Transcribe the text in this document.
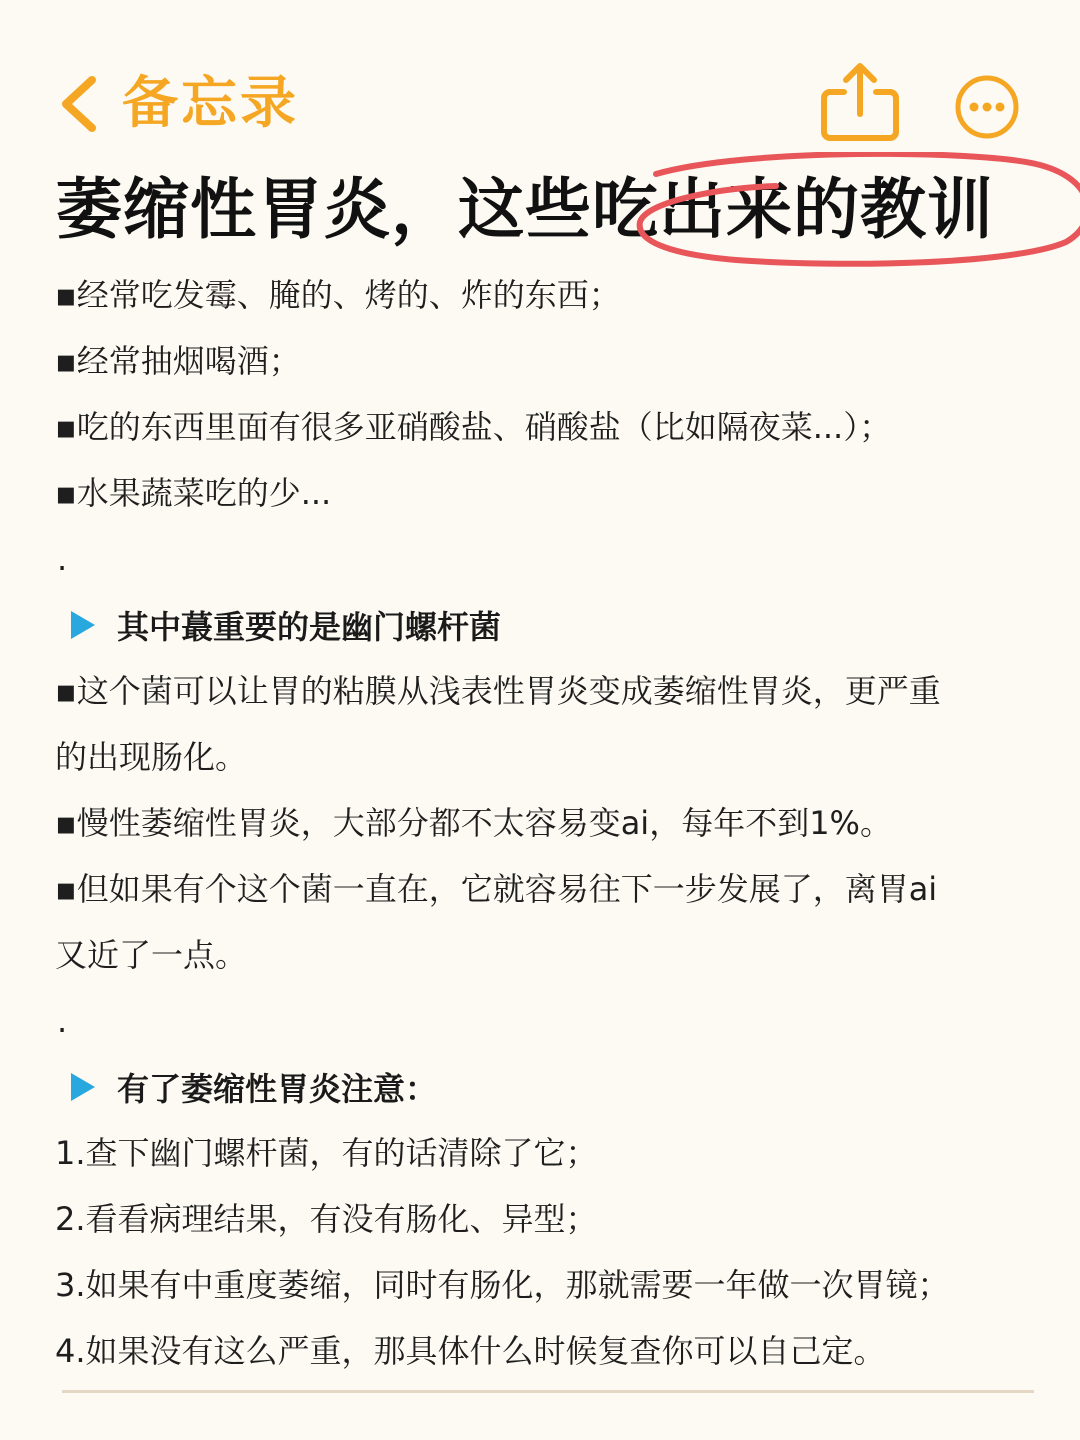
备忘录
萎缩性胃炎，这些吃出来的教训
▪经常吃发霉、腌的、烤的、炸的东西；
▪经常抽烟喝酒；
▪吃的东西里面有很多亚硝酸盐、硝酸盐（比如隔夜菜...）；
▪水果蔬菜吃的少...
.
其中蕞重要的是幽门螺杆菌
▪这个菌可以让胃的粘膜从浅表性胃炎变成萎缩性胃炎，更严重
的出现肠化。
▪慢性萎缩性胃炎，大部分都不太容易变ai，每年不到1%。
▪但如果有个这个菌一直在，它就容易往下一步发展了，离胃ai
又近了一点。
.
有了萎缩性胃炎注意：
1.查下幽门螺杆菌，有的话清除了它；
2.看看病理结果，有没有肠化、异型；
3.如果有中重度萎缩，同时有肠化，那就需要一年做一次胃镜；
4.如果没有这么严重，那具体什么时候复查你可以自己定。
